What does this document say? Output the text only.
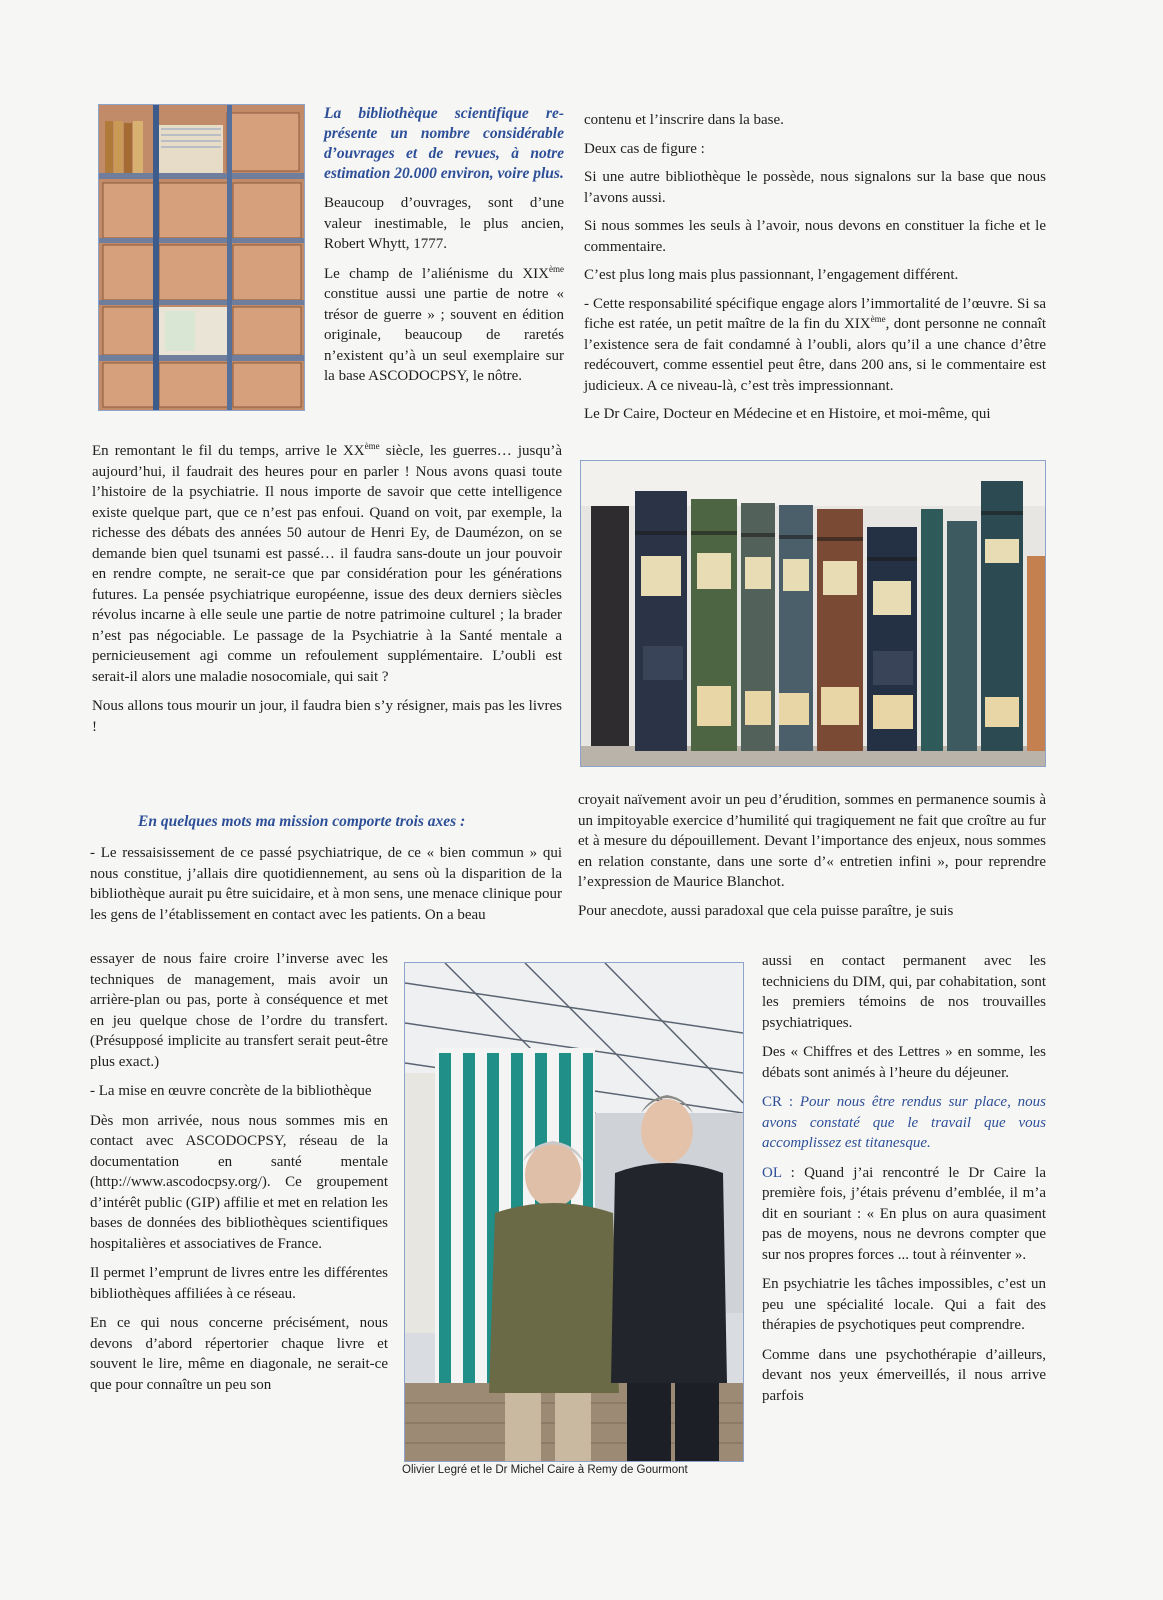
La bibliothèque scientifique re-présente un nombre considérable d’ouvrages et de revues, à notre estimation 20.000 environ, voire plus.

Beaucoup d’ouvrages, sont d’une valeur inestimable, le plus ancien, Robert Whytt, 1777.

Le champ de l’aliénisme du XIXème constitue aussi une partie de notre « trésor de guerre » ; souvent en édition originale, beaucoup de raretés n’existent qu’à un seul exemplaire sur la base ASCODOCPSY, le nôtre.

En remontant le fil du temps, arrive le XXème siècle, les guerres… jusqu’à aujourd’hui, il faudrait des heures pour en parler ! Nous avons quasi toute l’histoire de la psychiatrie. Il nous importe de savoir que cette intelligence existe quelque part, que ce n’est pas enfoui. Quand on voit, par exemple, la richesse des débats des années 50 autour de Henri Ey, de Daumézon, on se demande bien quel tsunami est passé… il faudra sans-doute un jour pouvoir en rendre compte, ne serait-ce que par considération pour les générations futures. La pensée psychiatrique européenne, issue des deux derniers siècles révolus incarne à elle seule une partie de notre patrimoine culturel ; la brader n’est pas négociable. Le passage de la Psychiatrie à la Santé mentale a pernicieusement agi comme un refoulement supplémentaire. L’oubli est serait-il alors une maladie nosocomiale, qui sait ?

Nous allons tous mourir un jour, il faudra bien s’y résigner, mais pas les livres !

En quelques mots ma mission comporte trois axes :

- Le ressaisissement de ce passé psychiatrique, de ce « bien commun » qui nous constitue, j’allais dire quotidiennement, au sens où la disparition de la bibliothèque aurait pu être suicidaire, et à mon sens, une menace clinique pour les gens de l’établissement en contact avec les patients. On a beau

essayer de nous faire croire l’inverse avec les techniques de management, mais avoir un arrière-plan ou pas, porte à conséquence et met en jeu quelque chose de l’ordre du transfert. (Présupposé implicite au transfert serait peut-être plus exact.)

- La mise en œuvre concrète de la bibliothèque

Dès mon arrivée, nous nous sommes mis en contact avec ASCODOCPSY, réseau de la documentation en santé mentale (http://www.ascodocpsy.org/). Ce groupement d’intérêt public (GIP) affilie et met en relation les bases de données des bibliothèques scientifiques hospitalières et associatives de France.

Il permet l’emprunt de livres entre les différentes bibliothèques affiliées à ce réseau.

En ce qui nous concerne précisément, nous devons d’abord répertorier chaque livre et souvent le lire, même en diagonale, ne serait-ce que pour connaître un peu son

Olivier Legré et le Dr Michel Caire à Remy de Gourmont

contenu et l’inscrire dans la base.

Deux cas de figure :

Si une autre bibliothèque le possède, nous signalons sur la base que nous l’avons aussi.

Si nous sommes les seuls à l’avoir, nous devons en constituer la fiche et le commentaire.

C’est plus long mais plus passionnant, l’engagement différent.

- Cette responsabilité spécifique engage alors l’immortalité de l’œuvre. Si sa fiche est ratée, un petit maître de la fin du XIXème, dont personne ne connaît l’existence sera de fait condamné à l’oubli, alors qu’il a une chance d’être redécouvert, comme essentiel peut être, dans 200 ans, si le commentaire est judicieux. A ce niveau-là, c’est très impressionnant.

Le Dr Caire, Docteur en Médecine et en Histoire, et moi-même, qui

croyait naïvement avoir un peu d’érudition, sommes en permanence soumis à un impitoyable exercice d’humilité qui tragiquement ne fait que croître au fur et à mesure du dépouillement. Devant l’importance des enjeux, nous sommes en relation constante, dans une sorte d’« entretien infini », pour reprendre l’expression de Maurice Blanchot.

Pour anecdote, aussi paradoxal que cela puisse paraître, je suis

aussi en contact permanent avec les techniciens du DIM, qui, par cohabitation, sont les premiers témoins de nos trouvailles psychiatriques.

Des « Chiffres et des Lettres » en somme, les débats sont animés à l’heure du déjeuner.

CR : Pour nous être rendus sur place, nous avons constaté que le travail que vous accomplissez est titanesque.

OL : Quand j’ai rencontré le Dr Caire la première fois, j’étais prévenu d’emblée, il m’a dit en souriant : « En plus on aura quasiment pas de moyens, nous ne devrons compter que sur nos propres forces ... tout à réinventer ».

En psychiatrie les tâches impossibles, c’est un peu une spécialité locale. Qui a fait des thérapies de psychotiques peut comprendre.

Comme dans une psychothérapie d’ailleurs, devant nos yeux émerveillés, il nous arrive parfois
